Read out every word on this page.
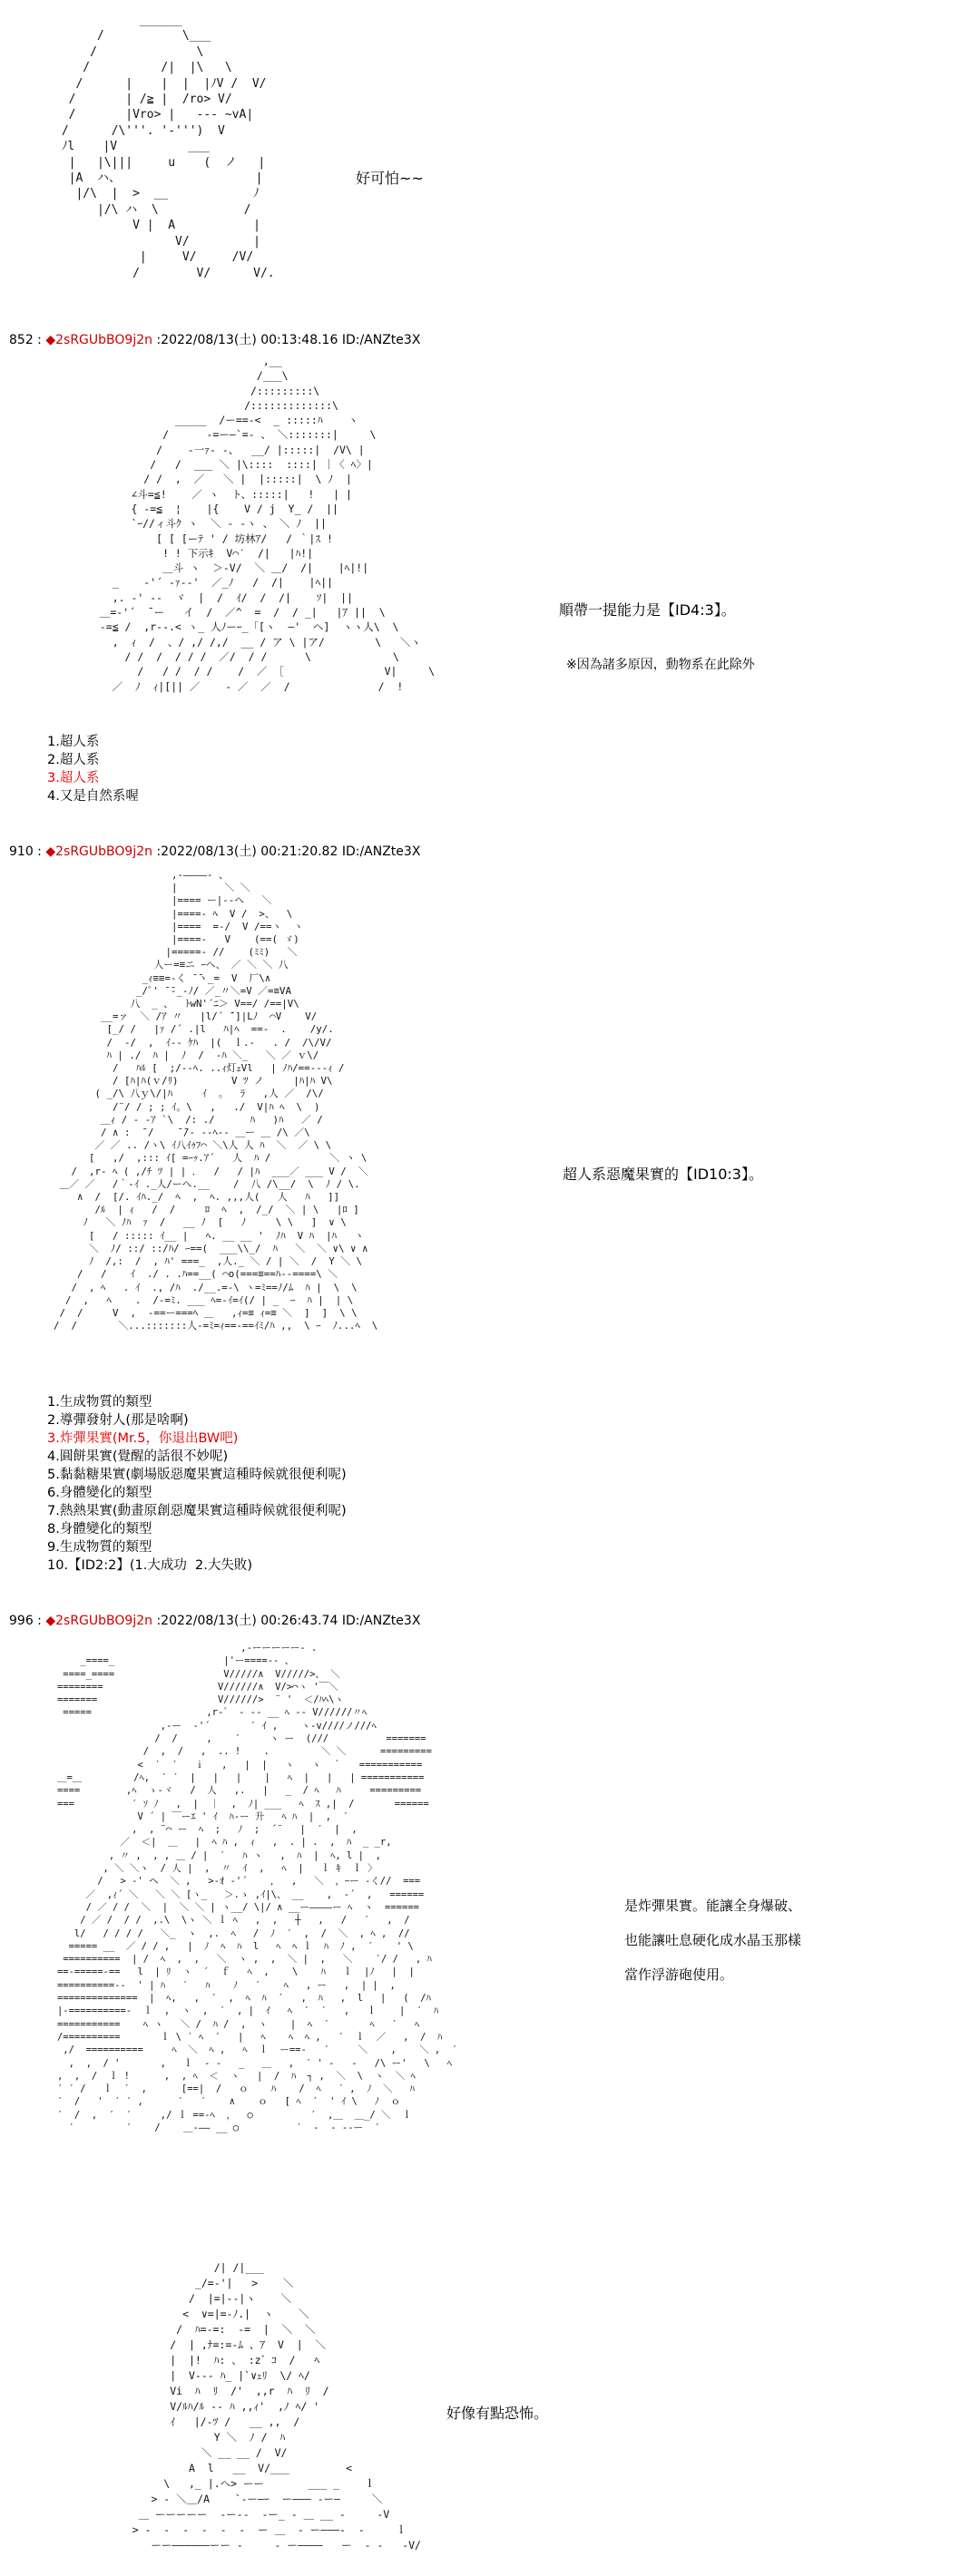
______
/           \___
/              \
/          /|  |\   \
/      |    |  |  |ﾉV /  V/
/       | /≧ |  /ro> V/
/       |Vro> |   ‐-- ~vA|
/      /\'''. '-''')  V
ﾉl    |V          ___
|   |\|||     u    (  ノ   |
|A  ハ、                   |
|/\  |  >  __            ﾉ
|/\ ハ  \            /
V |  A           |
V/         |
|     V/     /V/
/        V/      V/.
好可怕~~
852 : ◆2sRGUbBO9j2n :2022/08/13(土) 00:13:48.16 ID:/ANZte3X
,__
/___\
/:::::::::\
/:::::::::::::\
_____  /ー==-<  _ :::::ﾊ    ヽ
/      -=ー―`=- 、 ＼:::::::|     \
/    -一ｧ‐ -、  __/ |:::::|  /V\ |
/   /  ___ ＼ |\::::  ::::| ｜〈 ﾍ〉|
/ /  ,  ／   ＼ |  |:::::|  \ ﾉ  |
∠斗=≦!    ／ ヽ  ト、:::::|   !   | |
{ -=≦  ¦    |{    V / j  Y_ /  ||
`ｰ//ィ斗ｸ ヽ  ＼ - -ヽ 、 ＼ ﾉ  ||
[ [ [ーﾃ ' / 坊林ｱ/   / ｀|ｽ !
! ! 下示ｷ  V⌒′  /|   |ﾊ!|
＿斗 ヽ  ＞-V/  ＼ ＿/  /|    |ﾍ|!|
_    -'´ -ｧ‐‐'  ／_ﾉ   /  /|    |ﾍ||
,. -' ‐-  ヾ  |  /  ｲ/  /  /|    ｿ|  ||
＿=-'´  ̄ ー   イ  /  ／^  =  /  / _|   |ｱ ||  \
-=≦ /  ,r--.< ヽ_ 人ﾉーｰ_「[ヽ  ―'  ヘ]  ヽヽ人\  \
,  ｨ  /  、/ ,/ /,/  __ / ア \ |ア/        \   ＼ヽ
/ /  /  / / /  ／/  / /      \             \
/   / /  / /    /  ／ ［                V|     \
／  ﾉ  ｨ|[|| ／    - ／  ／  /              /  !
順帶一提能力是【ID4:3】。
※因為諸多原因，動物系在此除外
1.超人系
2.超人系
3.超人系
4.又是自然系喔
910 : ◆2sRGUbBO9j2n :2022/08/13(土) 00:21:20.82 ID:/ANZte3X
,-――――- 、
|        ＼ ＼
|==== ー|‐-ヘ   ＼
|====- ﾍ  V /  >、  \
|====  =-/  V /==ヽ  ヽ
|====-   V    (==( ゞ)
|=====- //    (ﾐﾐ)   ＼
人ー=≡ニ ｰヘ、 ／ ＼ ＼ 八
_ｨ≡≡=-く ̄ ̄ヽ_=  V  厂\∧
_/ﾟ' ̄ ̄‐_-ﾉ/ ／_〃＼=V ／=≡VA
八  _ 、  ﾄwN'´ﾆ＞ V==/ /==|V\
__=ァ  ＼ /ｱ 〃   |l/´ ̄´]|Lﾉ  ⌒V    V/
[_/ /   |ｧ /´ .|l   ﾊ|ﾍ  ==-  .    /y/.
/  -/  ,  ｲ-- ｹﾊ  |(  ｌ.-   . /  /\/V/
ﾊ | ./  ﾊ |  ﾉ  /  -ﾊ ＼_   ＼ ／ ｖ\/
/   ﾊﾙ [  ;/--ﾍ. ..ｨ灯ｪVl   | ﾉﾊ/==---ｨ /
/ [ﾊ|ﾊ(ｖ/ﾘ)         V ﾂ ノ     |ﾊ|ﾊ V\
( _/\ 八ｙ\/|ﾊ     ｲ  。  ﾗ   ,人 ／  /\/
/¨/ / ; ; ｲ。\   ,   ./  V|ﾊ ﾍ  \  )
＿ｨ / ‐ ‐ｱ `\  /: ./      ﾊ   )ﾊ   ／ /
/ ∧ :  ̄ /    ̄ ̄/- --ﾍ-- ＿ー ＿ /\ ／\
／ ／ .. /ヽ\ ｲ八ｲｩﾌ⌒ ＼\人 人 ﾊ  ＼  ／ \ \
[   ,/  ,::: ｲ[ =ｰｯ.ｱ´   人  ﾊ /          ＼ ヽ \
/  ,r- ﾍ ( ,/ﾁ ﾂ | | ．  /   / |ﾊ  ___／ ___ V /  ＼
＿／ ／   /｀-ｲ ._人/ーヘ.__    /  八 /\__/  \  ﾉ / \.
∧  /  [/. ｲﾊ._/  ﾍ  ,  ﾍ. ,,,人(   人   ﾊ   ]]
/ﾙ  | ｨ   /  /     ﾛ  ﾍ  ,  /_/  ＼ | \   |ﾛ ]
ﾉ   ＼ ﾉﾊ  ｧ  /   __ ﾉ  [   ﾉ     \ \   ]  ∨ \
[   / ::::: ｲ__ |   ﾍ. __ __ '  ﾉﾊ  V ﾊ  |ﾊ   ヽ
＼  ﾉ/ ::/ ::/ﾊ/ ｰ==(  ___\\_/  ﾊ   ＼  ＼ ∨\ ∨ ∧
ﾉ  /,:  /  , ﾊ' ===_  ,人._ ＼ / | ＼  /  Y ＼ \
/   /    ｲ  ./ . .ﾊ==__( ⌒o(===≡==ﾊ--====\ ＼
/  , ﾍ   . ｲ  ., /ﾊ  ./__.=-\ ヽ=ﾐ==ﾉ/ﾑ  ﾊ |  \  \
/  ,   ﾍ    .  /-=ﾐ. ___ ﾍ=-ｲ=ｲ(/ | _  ｰ  ﾊ |  | \
/  /     V  ,  -==ー===ﾍ ＿   ,ｨ=≡ ｨ=≡ ＼  ]  ]  \ \
/  /       ＼...:::::::人-=ﾐ=ｨ==-==ｲﾐ/ﾊ ,,  \ ｰ  ﾉ...ﾍ  \
超人系惡魔果實的【ID10:3】。
1.生成物質的類型
2.導彈發射人(那是啥啊)
3.炸彈果實(Mr.5，你退出BW吧)
4.圓餅果實(覺醒的話很不妙呢)
5.黏黏糖果實(劇場版惡魔果實這種時候就很便利呢)
6.身體變化的類型
7.熱熱果實(動畫原創惡魔果實這種時候就很便利呢)
8.身體變化的類型
9.生成物質的類型
10.【ID2:2】(1.大成功  2.大失敗)
996 : ◆2sRGUbBO9j2n :2022/08/13(土) 00:26:43.74 ID:/ANZte3X
,-ーーーーー- .
_====_                   |'ー====-- 、
====_====                   V/////∧  V/////>、 ＼
========                    V//////∧  V/>⌒ヽ '￣＼
=======                     V//////>  ¨ '  ＜/ﾊﾍ\ヽ
=====                    ,r‐゛ ‐ -- __ ﾍ -- V//////〃ﾍ
,-ー  ‐'´       ′ ｲ ,    ヽ-v////ノ///ﾍ
/  /     ,    ′     ヽ ー  (///          =======
/  ,  /   ,  .. !    .         ＼ ＼      =========
<  ′  ′   ｉ   ,   |  |   ヽ   ヽ  ｀   ===========
＿=＿         /ﾍ,  ′ ′  |   |   |    |   ﾍ  |   |   | ===========
====        ,ﾍ  ゝ-ヾ   /  人   ,.   |   _  / ﾍ   ﾊ     =========
===          ′ ｿ ﾉ   ,  |  ｜  ,  ﾉ| ___   ﾍ  ｽ ,|  /       ======
V ´ | ￣ーｴ ' ｲ  ﾊ-ー 升   ﾍ ﾊ  |  ,  ′
,  , ¨⌒ ー  ﾍ  ;   ﾉ  ;  ´¨   |  ′  |  ,
／  ＜|  ＿   |  ﾍ ﾊ ,  ｨ   ,  . | .  ,  ﾊ  _ _r,
, 〃 ,  , , ＿ / |  ′   ﾊ ヽ   ,  ﾊ  |  ﾍ, l |  ,
, ＼ ＼ヽ  / 人 |  ,  〃  ｲ  ,   ﾍ  |   ｌ ｷ  ｌ 〉
/   > ‐' ヘ  ＼ ,   >-ｵ ‐'´    ，  ,   ＼  ，ｰー ‐く//  ===
／  ,ｨ´ ＼   ＼ ＼ [ヽ_   ＞.ゝ ,ｲ|\、 __    ,  ‐´  ,   ======
/ ／ / /  ＼  |  ＼ ＼ | ヽ__/ \|/ ∧ __ー――――ー ﾍ  ヽ  ======
/ ／ /  / /  ,.\  \ヽ ＼ ｌ ﾍ   ,  ,   ┼   ,   /   ′   ,  /
l/   / / / /   ＼_  ヽ  ,.  ﾍ   /  ﾉ  ′  ,  /  ＼  , ﾍ ,  //
===== __  ／ / / ,   |  ﾉ  ﾍ  ﾊ  l   ﾍ  ﾍ ｌ  ﾊ  ﾉ ,  ′    ' \
==========  | /  ﾍ  ,  ,   ＼  ヽ ,  ,  ＼ |  ,   ＼    ′/ /   , ﾊ
==-=====-==   l  | ﾘ  ヽ  ′  ｆ   ﾍ  ,    \    ﾊ   ｌ  |ﾉ   |  |
==========--  ' | ﾊ   ′   ﾊ    ﾉ   ′    ﾍ   , ー   ,  | |  ,
==============  |  ﾍ,   ,  ′  ,  ﾍ  ﾊ  ′   ,  ﾊ   ,  l   |   (  /ﾊ
|‐==========-  ｌ  ,  ヽ  ,  ′  , |  ｲ   ﾍ  ′  ′   ,   ｌ    |  ′  ﾊ
===========    ﾍ ヽ   ＼ /  ﾊ /  ,  ヽ    |  ﾍ  ′       ﾍ   ′   ﾍ
/==========       ｌ \ ′ ﾍ  ′   |   ﾍ    ﾍ  ﾍ ,   ′  ｌ  ／   ,  /  ﾊ
,/  ==========     ﾍ  ＼  ﾍ ,   ﾍ  ｌ  ー==‐   ′     ＼    ,    ＼ ,  ′
,  ,  / '       ,   ｌ  ‐ ‐   _   ＿   ,  ′ ' ‐   ‐   /\ ー'   \   ﾍ
,  ,  /  ｌ !      ,  , ﾍ  ＜  ヽ   |  /  ﾊ  ┐ ,  ＼  \  ヽ  ＼ ﾍ
′ ′ /   ｌ  ′  ,      [==|  /   ｏ    ﾊ    /  ﾍ   ′ ,  ﾉ  ＼   ﾊ
′  /   '  ′ ′ ,      ′   ′    ∧    ｏ   [ ﾍ  ′  ' ｲ \   ﾉ  ｏ
′  /  ,  ′  ′     ,/ ｌ ==-ﾍ  ，  ○          ′  ,＿  ＿_/ ＼  ｌ
′         ′    /    ＿‐―― __ ○          ′  ‐  ‐ ‐‐ー  ′
是炸彈果實。能讓全身爆破、
也能讓吐息硬化成水晶玉那樣
當作浮游砲使用。
/| /|___
_/=-'|   >    ＼
/  |=|--|ヽ    ＼
<  ∨=|=-ﾉ.|  ヽ    ＼
/  ﾊ=-=:  -=  |  ＼  ＼
/  | ,ﾅ=:=-ﾑ 、ｱ  V  |  ＼
|  |!  ﾊ: 、 :z゛ｺ  /   ﾍ
|  V--- ﾊ_ |`∨ｪﾘ  \/ ﾍ/
Vi  ﾊ  ﾘ  /'  ,,r  ﾊ  ﾘ  /
V/ﾙﾊ/ﾙ ‐- ﾊ ,,ｨ'  ,ﾉ ﾍ/ '
ｲ   |/-ﾂ /   __ ,,  /
Y ＼  ﾉ /  ﾊ
＼ __ __ /  V/
A  l   __  V/___         <
\   ,_ |.ヘ> ーー       ___ _    ｌ
> ‐ ＼＿/A    `-ー―ｰ  ー――― ‐ー―     ＼
＿ ーーーーー  ‐ー‐-  -ー_ ‐ ＿ __ ‐     -V
> ‐  ‐  ‐  ‐  ‐  ‐  ー ＿  ‐ ー―――‐  ‐     ｌ
ーー――――――ーー ‐     ‐ ー――――   ー  ‐ ‐   -V/
好像有點恐怖。
